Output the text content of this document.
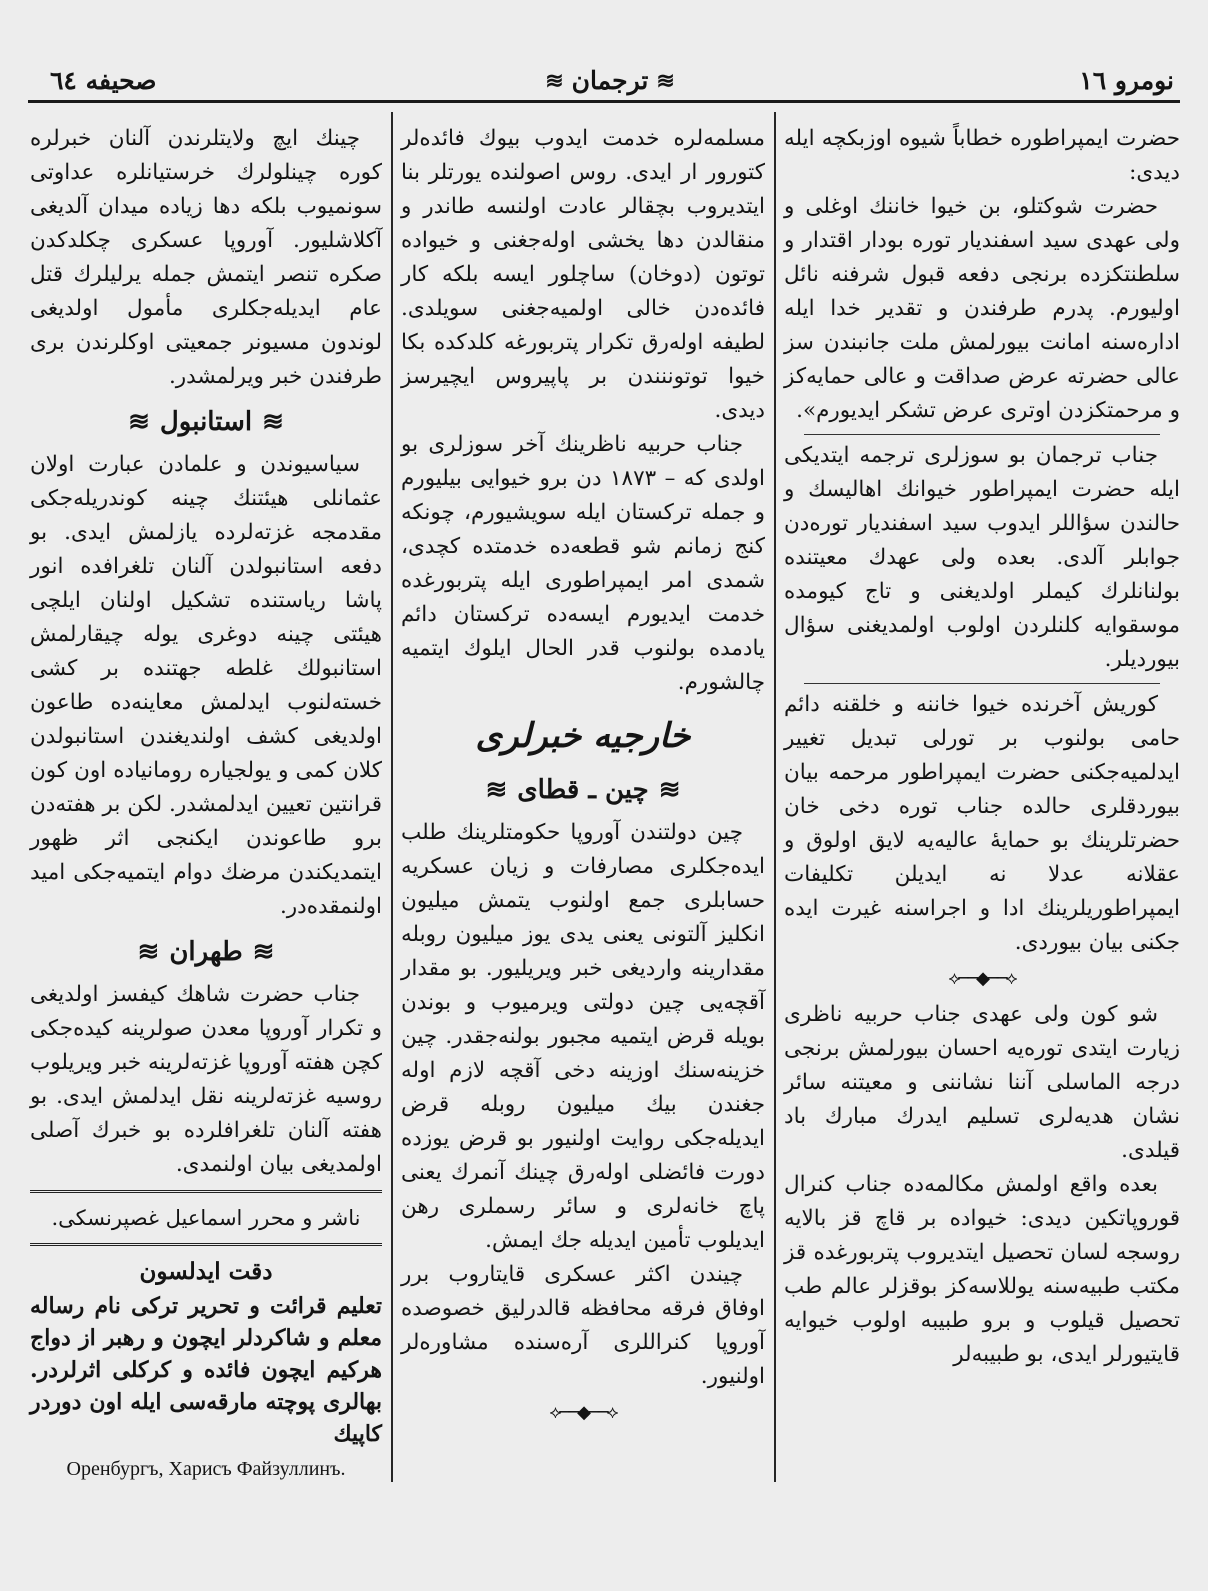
صحیفه ٦٤	≋ ترجمان ≋	نومرو ١٦

حضرت ایمپراطوره خطاباً شیوه اوزبکچه ایله دیدی:

حضرت شوکتلو، بن خیوا خاننك اوغلی و ولی عهدی سید اسفندیار توره بودار اقتدار و سلطنتکزده برنجی دفعه قبول شرفنه نائل اولیورم. پدرم طرفندن و تقدیر خدا ایله اداره‌سنه امانت بیورلمش ملت جانبندن سز عالی حضرته عرض صداقت و عالی حمایه‌کز و مرحمتکزدن اوتری عرض تشکر ایدیورم».

جناب ترجمان بو سوزلری ترجمه ایتدیکی ایله حضرت ایمپراطور خیوانك اهالیسك و حالندن سؤاللر ایدوب سید اسفندیار توره‌دن جوابلر آلدی. بعده ولی عهدك معیتنده بولنانلرك کیملر اولدیغنی و تاج کیومده موسقوایه کلنلردن اولوب اولمدیغنی سؤال بیوردیلر.

کوریش آخرنده خیوا خاننه و خلقنه دائم حامی بولنوب بر تورلی تبدیل تغییر ایدلمیه‌جکنی حضرت ایمپراطور مرحمه بیان بیوردقلری حالده جناب توره دخی خان حضرتلرینك بو حمایهٔ عالیه‌یه لایق اولوق و عقلانه عدلا نه ایدیلن تکلیفات ایمپراطوریلرینك ادا و اجراسنه غیرت ایده جکنی بیان بیوردی.

⟡──◆──⟡

شو کون ولی عهدی جناب حربیه ناظری زیارت ایتدی توره‌یه احسان بیورلمش برنجی درجه الماسلی آننا نشاننی و معیتنه سائر نشان هدیه‌لری تسلیم ایدرك مبارك باد قیلدی.

بعده واقع اولمش مکالمه‌ده جناب کنرال قوروپاتکین دیدی: خیواده بر قاچ قز بالایه روسجه لسان تحصیل ایتدیروب پتربورغده قز مکتب طبیه‌سنه یوللاسه‌کز بوقزلر عالم طب تحصیل قیلوب و برو طبیبه اولوب خیوایه قایتیورلر ایدی، بو طبیبه‌لر

مسلمه‌لره خدمت ایدوب بیوك فائده‌لر کتورور ار ایدی. روس اصولنده یورتلر بنا ایتدیروب بچقالر عادت اولنسه طاندر و منقالدن دها یخشی اوله‌جغنی و خیواده توتون (دوخان) ساچلور ایسه بلکه کار فائده‌دن خالی اولمیه‌جغنی سویلدی. لطیفه اوله‌رق تکرار پتربورغه کلدکده بکا خیوا توتوننندن بر پاپیروس ایچیرسز دیدی.

جناب حربیه ناظرینك آخر سوزلری بو اولدی که – ١٨٧٣ دن برو خیوایی بیلیورم و جمله ترکستان ایله سویشیورم، چونکه کنج زمانم شو قطعه‌ده خدمتده کچدی، شمدی امر ایمپراطوری ایله پتربورغده خدمت ایدیورم ایسه‌ده ترکستان دائم یادمده بولنوب قدر الحال ایلوك ایتمیه چالشورم.

خارجیه خبرلری
≋ چین ـ قطای ≋

چین دولتندن آوروپا حکومتلرینك طلب ایده‌جکلری مصارفات و زیان عسکریه حسابلری جمع اولنوب یتمش میلیون انکلیز آلتونی یعنی یدی یوز میلیون روبله مقدارینه واردیغی خبر ویریلیور. بو مقدار آقچه‌یی چین دولتی ویرمیوب و بوندن بویله قرض ایتمیه مجبور بولنه‌جقدر. چین خزینه‌سنك اوزینه دخی آقچه لازم اوله جغندن بیك میلیون روبله قرض ایدیله‌جکی روایت اولنیور بو قرض یوزده دورت فائضلی اوله‌رق چینك آنمرك یعنی پاچ خانه‌لری و سائر رسملری رهن ایدیلوب تأمین ایدیله جك ایمش.

چیندن اکثر عسکری قایتاروب برر اوفاق فرقه محافظه قالدرلیق خصوصده آوروپا کنراللری آره‌سنده مشاوره‌لر اولنیور.

⟡──◆──⟡

چینك ایچ ولایتلرندن آلنان خبرلره کوره چینلولرك خرستیانلره عداوتی سونمیوب بلکه دها زیاده میدان آلدیغی آکلاشلیور. آوروپا عسکری چکلدکدن صکره تنصر ایتمش جمله یرلیلرك قتل عام ایدیله‌جکلری مأمول اولدیغی لوندون مسیونر جمعیتی اوکلرندن بری طرفندن خبر ویرلمشدر.

≋ استانبول ≋

سیاسیوندن و علمادن عبارت اولان عثمانلی هیئتنك چینه کوندریله‌جکی مقدمجه غزته‌لرده یازلمش ایدی. بو دفعه استانبولدن آلنان تلغرافده انور پاشا ریاستنده تشکیل اولنان ایلچی هیئتی چینه دوغری یوله چیقارلمش استانبولك غلطه جهتنده بر کشی خسته‌لنوب ایدلمش معاینه‌ده طاعون اولدیغی کشف اولندیغندن استانبولدن کلان کمی و یولجیاره رومانیاده اون کون قرانتین تعیین ایدلمشدر. لکن بر هفته‌دن برو طاعوندن ایکنجی اثر ظهور ایتمدیکندن مرضك دوام ایتمیه‌جکی امید اولنمقده‌در.

≋ طهران ≋

جناب حضرت شاهك کیفسز اولدیغی و تکرار آوروپا معدن صولرینه کیده‌جکی کچن هفته آوروپا غزته‌لرینه خبر ویریلوب روسیه غزته‌لرینه نقل ایدلمش ایدی. بو هفته آلنان تلغرافلرده بو خبرك آصلی اولمدیغی بیان اولنمدی.

ناشر و محرر اسماعیل غصپرنسکی.
دقت ایدلسون
تعلیم قرائت و تحریر ترکی نام رساله معلم و شاکردلر ایچون و رهبر از دواج هرکیم ایچون فائده و کرکلی اثرلردر. بهالری پوچته مارقه‌سی ایله اون دوردر کاپیك
Оренбургъ, Харисъ Файзуллинъ.
